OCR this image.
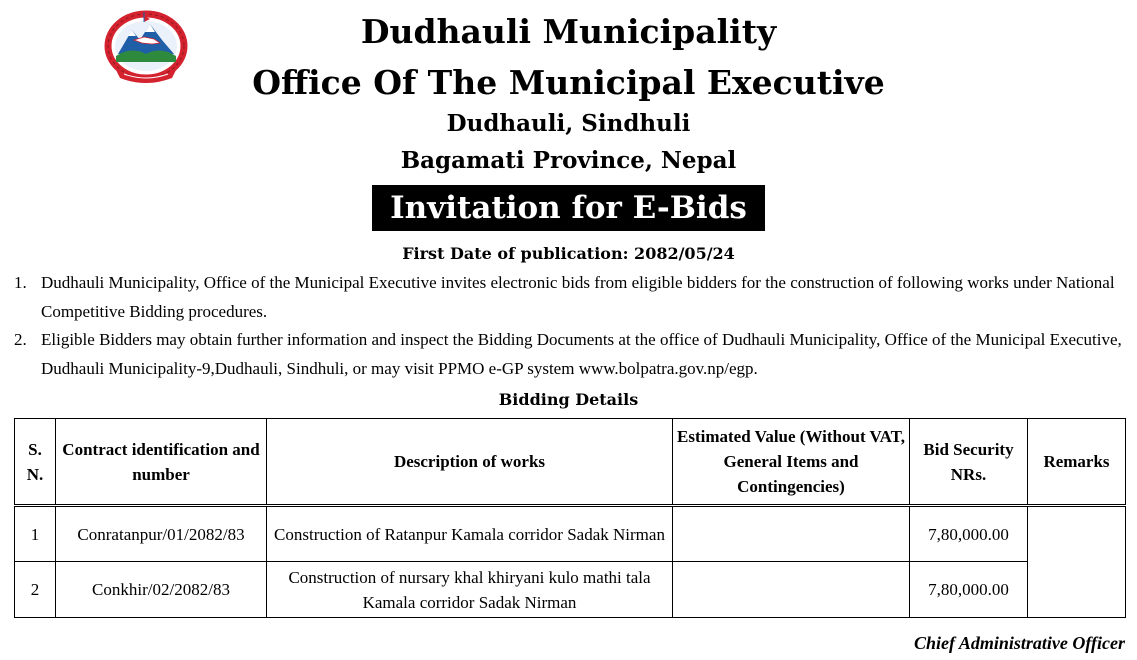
Dudhauli Municipality
Office Of The Municipal Executive
Dudhauli, Sindhuli
Bagamati Province, Nepal
Invitation for E-Bids
First Date of publication: 2082/05/24
1. Dudhauli Municipality, Office of the Municipal Executive invites electronic bids from eligible bidders for the construction of following works under National Competitive Bidding procedures.
2. Eligible Bidders may obtain further information and inspect the Bidding Documents at the office of Dudhauli Municipality, Office of the Municipal Executive, Dudhauli Municipality-9,Dudhauli, Sindhuli, or may visit PPMO e-GP system www.bolpatra.gov.np/egp.
Bidding Details
S. N.	Contract identification and number	Description of works	Estimated Value (Without VAT, General Items and Contingencies)	Bid Security NRs.	Remarks
1	Conratanpur/01/2082/83	Construction of Ratanpur Kamala corridor Sadak Nirman		7,80,000.00	
2	Conkhir/02/2082/83	Construction of nursary khal khiryani kulo mathi tala Kamala corridor Sadak Nirman		7,80,000.00	
Chief Administrative Officer
